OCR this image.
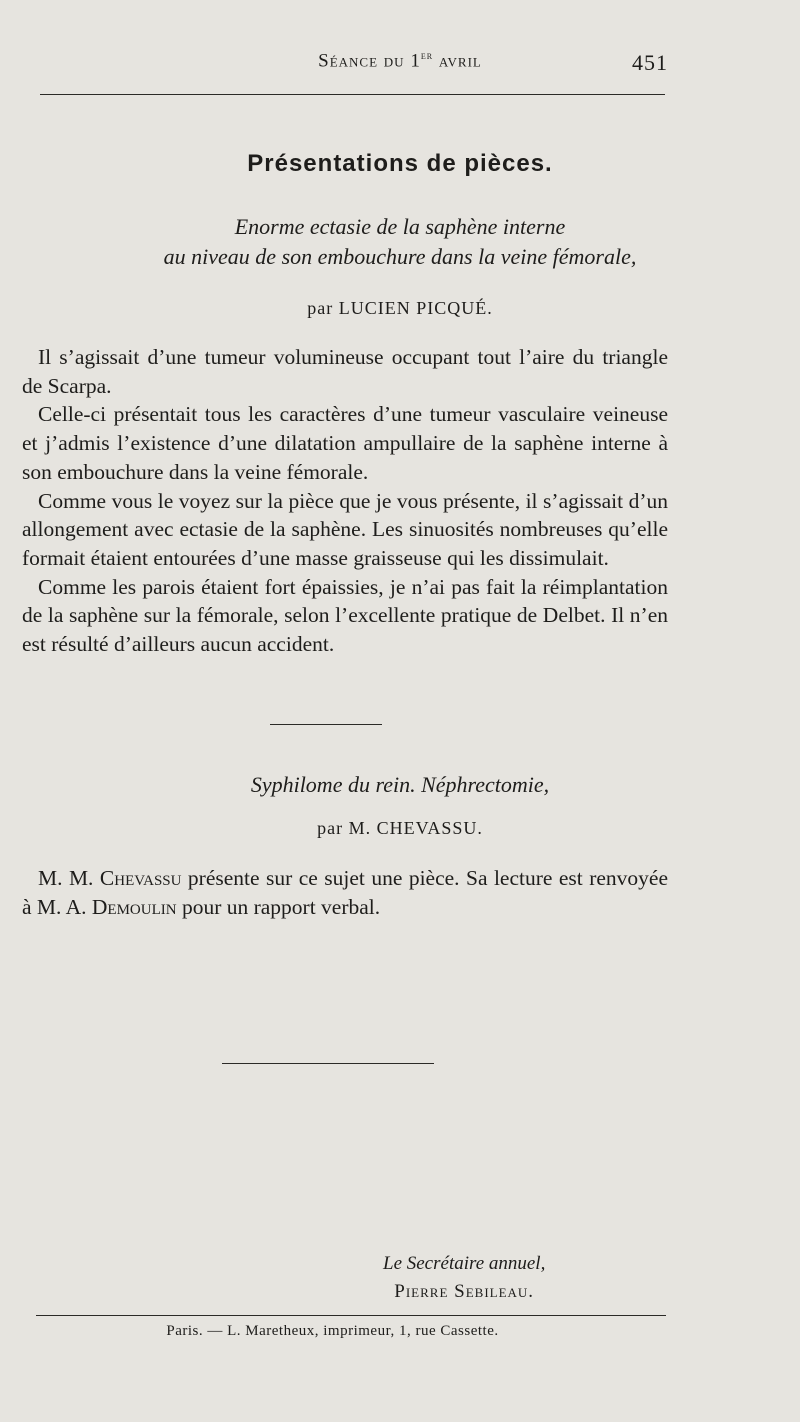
Séance du 1er avril	451
Présentations de pièces.
Enorme ectasie de la saphène interne
au niveau de son embouchure dans la veine fémorale,
par LUCIEN PICQUÉ.

Il s’agissait d’une tumeur volumineuse occupant tout l’aire du triangle de Scarpa.

Celle-ci présentait tous les caractères d’une tumeur vasculaire veineuse et j’admis l’existence d’une dilatation ampullaire de la saphène interne à son embouchure dans la veine fémorale.

Comme vous le voyez sur la pièce que je vous présente, il s’agissait d’un allongement avec ectasie de la saphène. Les sinuosités nombreuses qu’elle formait étaient entourées d’une masse graisseuse qui les dissimulait.

Comme les parois étaient fort épaissies, je n’ai pas fait la réimplantation de la saphène sur la fémorale, selon l’excellente pratique de Delbet. Il n’en est résulté d’ailleurs aucun accident.

Syphilome du rein. Néphrectomie,
par M. CHEVASSU.

M. M. Chevassu présente sur ce sujet une pièce. Sa lecture est renvoyée à M. A. Demoulin pour un rapport verbal.

Le Secrétaire annuel,
Pierre Sebileau.
Paris. — L. Maretheux, imprimeur, 1, rue Cassette.
